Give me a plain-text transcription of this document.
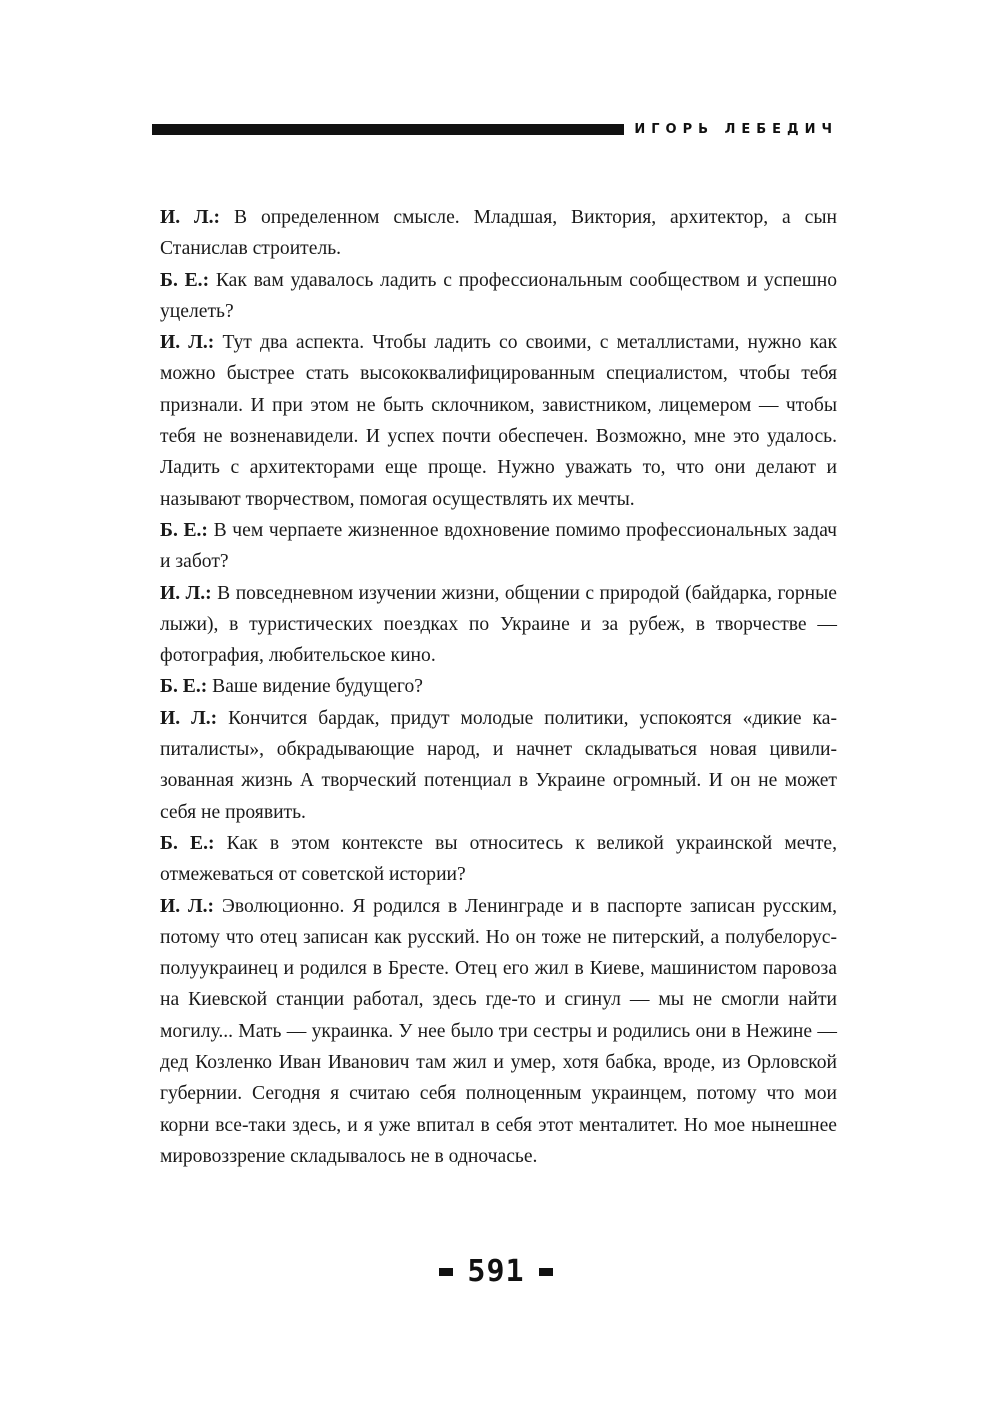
ИГОРЬ ЛЕБЕДИЧ

И. Л.: В определенном смысле. Младшая, Виктория, архитектор, а сын Станислав строитель.

Б. Е.: Как вам удавалось ладить с профессиональным сообществом и успешно уцелеть?

И. Л.: Тут два аспекта. Чтобы ладить со своими, с металлистами, нужно как можно быстрее стать высококвалифицированным специалистом, чтобы тебя признали. И при этом не быть склочником, завистником, лицемером — чтобы тебя не возненавидели. И успех почти обеспечен. Возможно, мне это удалось. Ладить с архитекторами еще проще. Нужно уважать то, что они делают и называют творчеством, помогая осуществлять их мечты.

Б. Е.: В чем черпаете жизненное вдохновение помимо профессиональных задач и забот?

И. Л.: В повседневном изучении жизни, общении с природой (байдарка, горные лыжи), в туристических поездках по Украине и за рубеж, в творчестве — фотография, любительское кино.

Б. Е.: Ваше видение будущего?

И. Л.: Кончится бардак, придут молодые политики, успокоятся «дикие капиталисты», обкрадывающие народ, и начнет складываться новая цивилизованная жизнь А творческий потенциал в Украине огромный. И он не может себя не проявить.

Б. Е.: Как в этом контексте вы относитесь к великой украинской мечте, отмежеваться от советской истории?

И. Л.: Эволюционно. Я родился в Ленинграде и в паспорте записан русским, потому что отец записан как русский. Но он тоже не питерский, а полубелорус-полуукраинец и родился в Бресте. Отец его жил в Киеве, машинистом паровоза на Киевской станции работал, здесь где-то и сгинул — мы не смогли найти могилу... Мать — украинка. У нее было три сестры и родились они в Нежине — дед Козленко Иван Иванович там жил и умер, хотя бабка, вроде, из Орловской губернии. Сегодня я считаю себя полноценным украинцем, потому что мои корни все-таки здесь, и я уже впитал в себя этот менталитет. Но мое нынешнее мировоззрение складывалось не в одночасье.

591
